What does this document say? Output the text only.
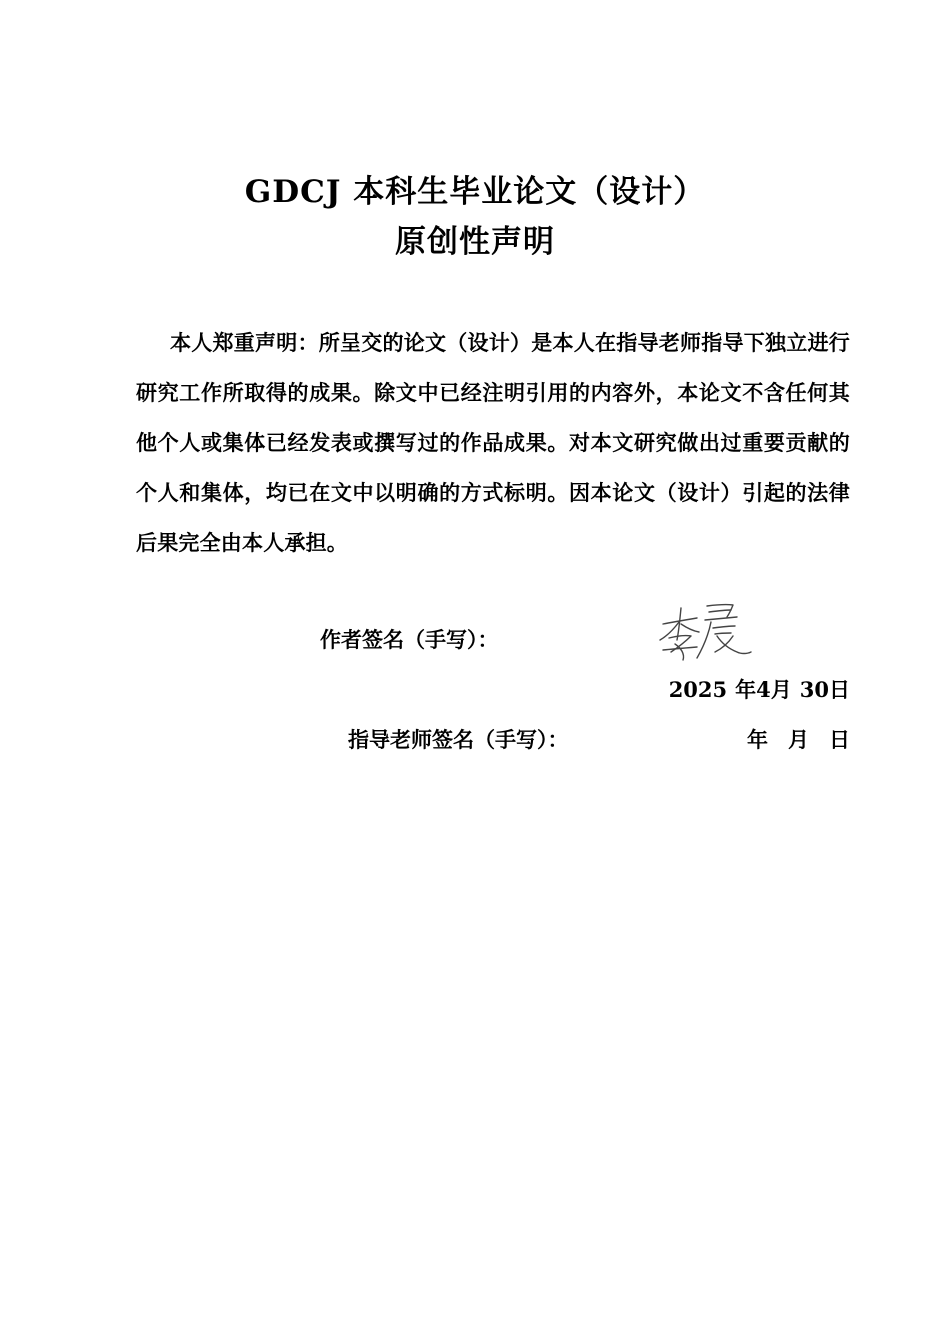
GDCJ 本科生毕业论文（设计）
原创性声明
本人郑重声明：所呈交的论文（设计）是本人在指导老师指导下独立进行研究工作所取得的成果。除文中已经注明引用的内容外，本论文不含任何其他个人或集体已经发表或撰写过的作品成果。对本文研究做出过重要贡献的个人和集体，均已在文中以明确的方式标明。因本论文（设计）引起的法律后果完全由本人承担。
作者签名（手写）：
2025 年4月 30日
指导老师签名（手写）：	年 月 日
